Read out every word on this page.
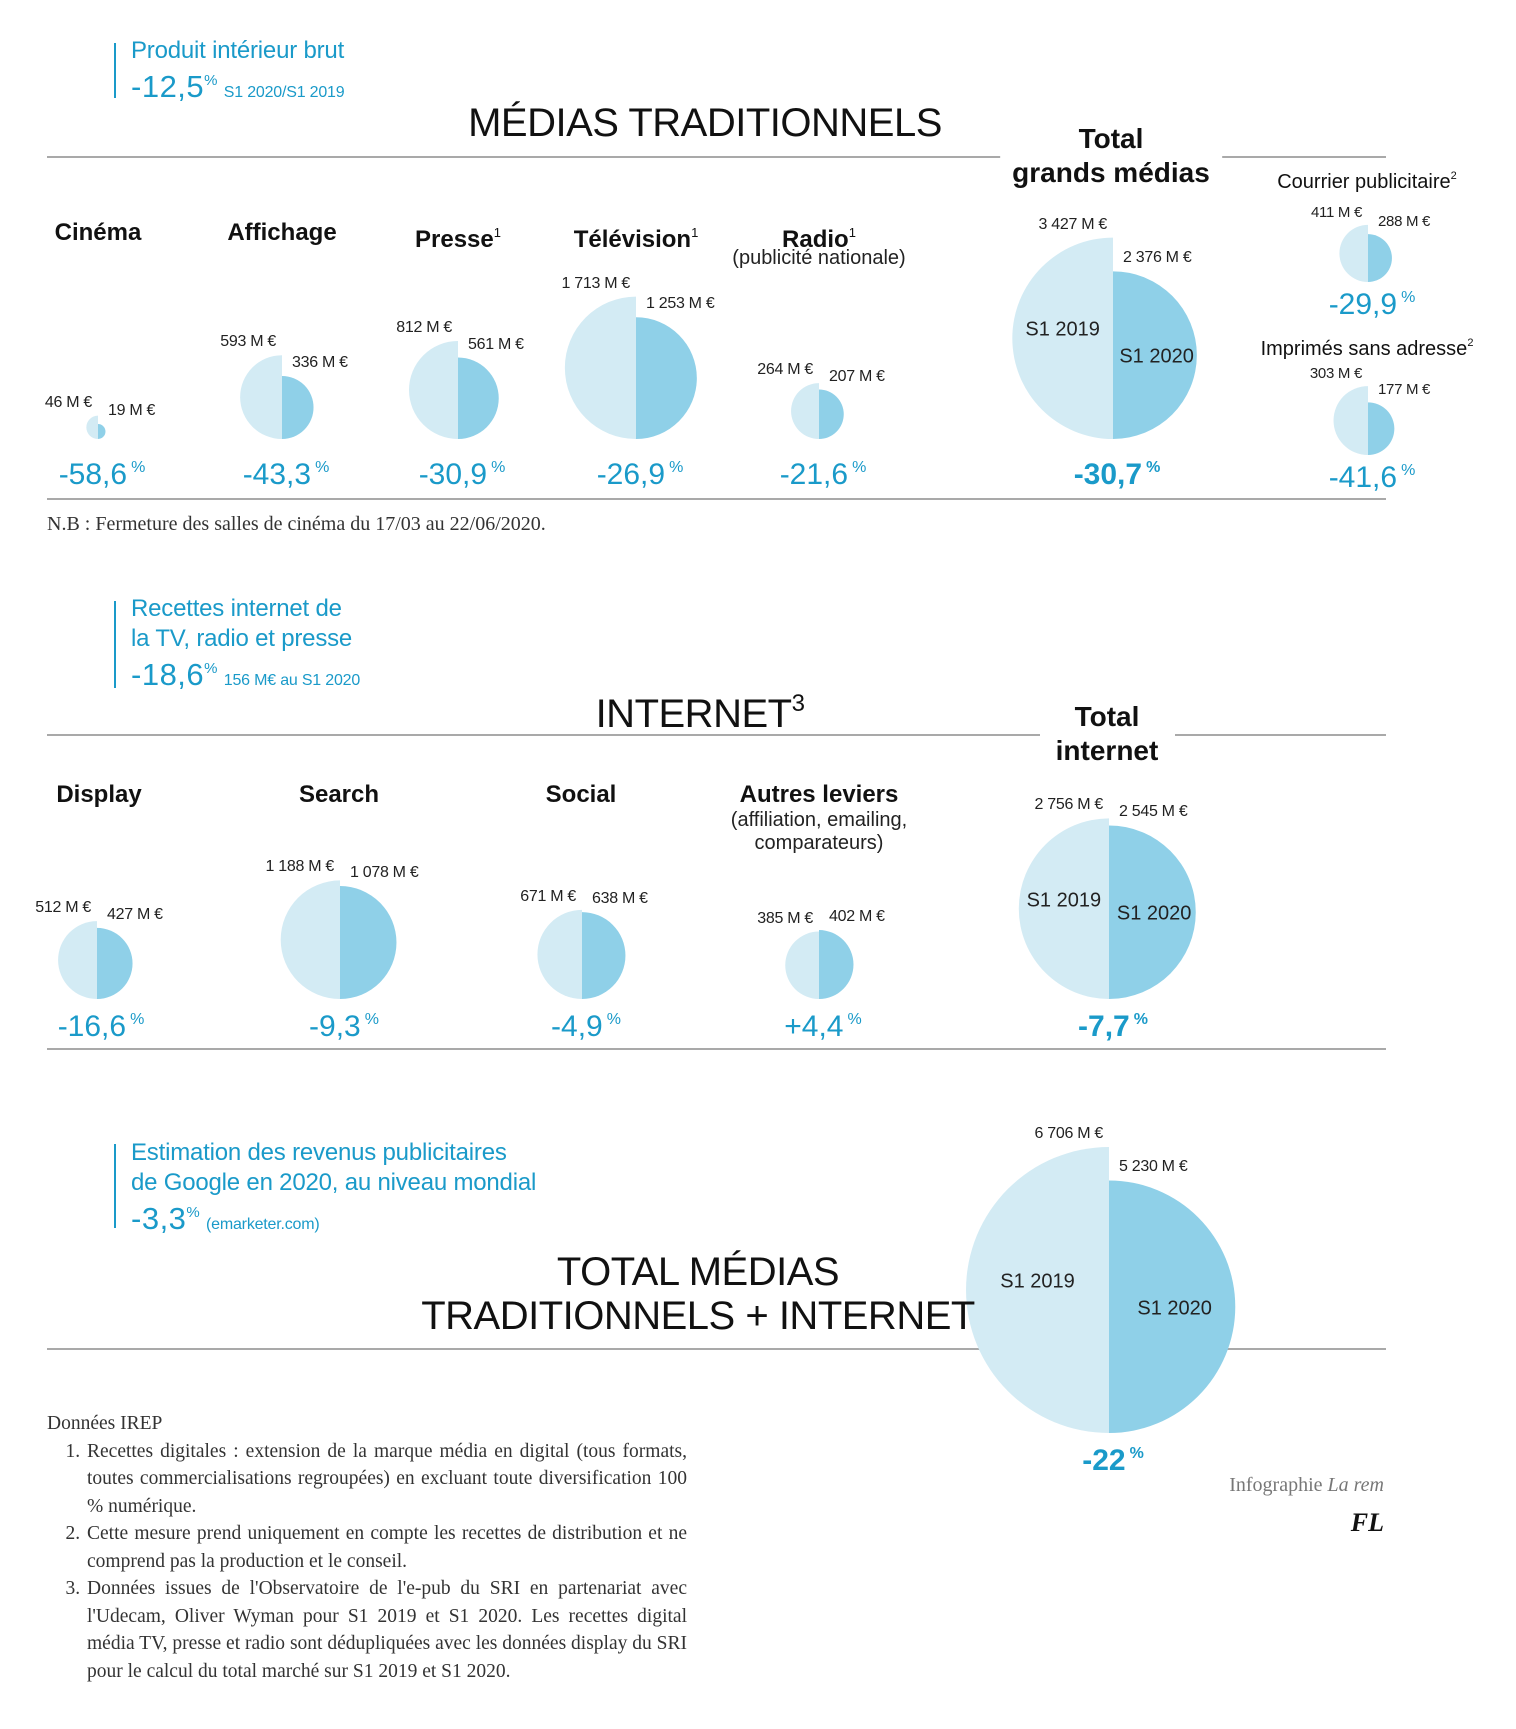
Produit intérieur brut
-12,5% S1 2020/S1 2019
MÉDIAS TRADITIONNELS
Cinéma	Affichage	Presse$^1$	Télévision$^1$	Radio$^1$
(publicité nationale)
Total
grands médias	Courrier publicitaire$^2$
Imprimés sans adresse$^2$
N.B : Fermeture des salles de cinéma du 17/03 au 22/06/2020.
Recettes internet de
la TV, radio et presse
-18,6% 156 M€ au S1 2020
INTERNET$^3$
Display	Search	Social	Autres leviers
(affiliation, emailing,
comparateurs)
Total
internet
Estimation des revenus publicitaires
de Google en 2020, au niveau mondial
-3,3% (emarketer.com)
TOTAL MÉDIAS
TRADITIONNELS + INTERNET
Données IREP
1. Recettes digitales : extension de la marque média en digital (tous formats, toutes commercialisations regroupées) en excluant toute diversification 100 % numérique.
2. Cette mesure prend uniquement en compte les recettes de distribution et ne comprend pas la production et le conseil.
3. Données issues de l'Observatoire de l'e-pub du SRI en partenariat avec l'Udecam, Oliver Wyman pour S1 2019 et S1 2020. Les recettes digital média TV, presse et radio sont dédupliquées avec les données display du SRI pour le calcul du total marché sur S1 2019 et S1 2020.
Infographie La rem
FL
46 M € 19 M €
-58,6 %
593 M €
336 M €
-43,3 %
812 M €
561 M €
-30,9 %
1 713 M €
1 253 M €
-26,9 %
264 M € 207 M €
-21,6 %
3 427 M €
2 376 M €
-30,7 %
S1 2019
S1 2020
411 M €
288 M €
-29,9 %
303 M €
177 M €
-41,6 %
512 M € 427 M €
-16,6 %
1 188 M € 1 078 M €
-9,3 %
671 M € 638 M €
-4,9 %
385 M € 402 M €
+4,4 %
2 756 M € 2 545 M €
-7,7 %
S1 2019
S1 2020
6 706 M €
5 230 M €
-22 %
S1 2019
S1 2020
